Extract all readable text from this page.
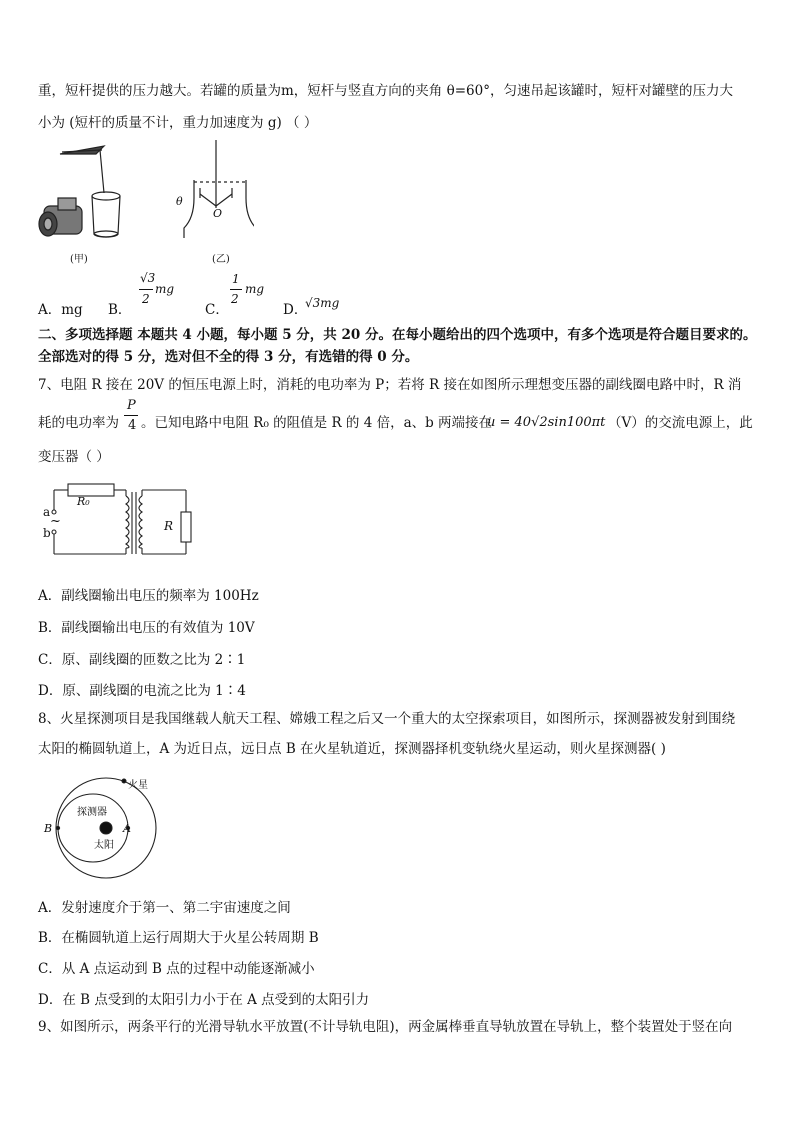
重，短杆提供的压力越大。若罐的质量为m，短杆与竖直方向的夹角 θ=60°，匀速吊起该罐时，短杆对罐壁的压力大
小为 (短杆的质量不计，重力加速度为 g) （ ）
θ
O
(甲)	(乙)
A．mg B．
√3
2
mg
C．
1
2
mg
D．
√3mg
二、多项选择题 本题共 4 小题，每小题 5 分，共 20 分。在每小题给出的四个选项中，有多个选项是符合题目要求的。
全部选对的得 5 分，选对但不全的得 3 分，有选错的得 0 分。
7、电阻 R 接在 20V 的恒压电源上时，消耗的电功率为 P；若将 R 接在如图所示理想变压器的副线圈电路中时，R 消
耗的电功率为
P
4 。已知电路中电阻 R₀ 的阻值是 R 的 4 倍，a、b 两端接在
u = 40√2sin100πt （V）的交流电源上，此
变压器（ ）
a
b
~
R₀
R
A．副线圈输出电压的频率为 100Hz
B．副线圈输出电压的有效值为 10V
C．原、副线圈的匝数之比为 2∶1
D．原、副线圈的电流之比为 1∶4
8、火星探测项目是我国继载人航天工程、嫦娥工程之后又一个重大的太空探索项目，如图所示，探测器被发射到围绕
太阳的椭圆轨道上，A 为近日点，远日点 B 在火星轨道近，探测器择机变轨绕火星运动，则火星探测器( )
火星
探测器
太阳
A
B
A．发射速度介于第一、第二宇宙速度之间
B．在椭圆轨道上运行周期大于火星公转周期 B
C．从 A 点运动到 B 点的过程中动能逐渐减小
D．在 B 点受到的太阳引力小于在 A 点受到的太阳引力
9、如图所示，两条平行的光滑导轨水平放置(不计导轨电阻)，两金属棒垂直导轨放置在导轨上，整个装置处于竖在向
